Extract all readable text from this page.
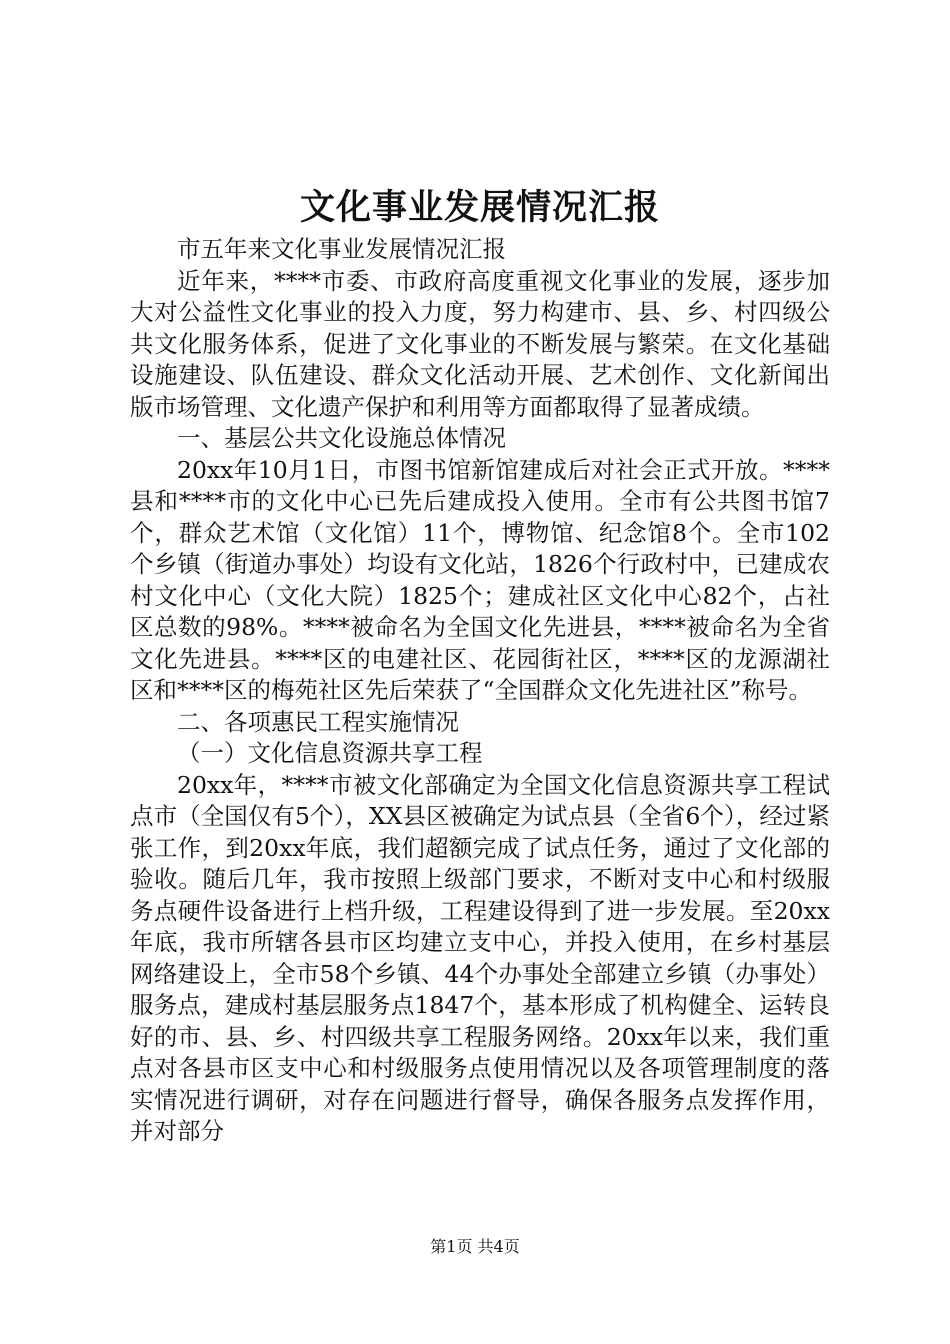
文化事业发展情况汇报

市五年来文化事业发展情况汇报

近年来，****市委、市政府高度重视文化事业的发展，逐步加大对公益性文化事业的投入力度，努力构建市、县、乡、村四级公共文化服务体系，促进了文化事业的不断发展与繁荣。在文化基础设施建设、队伍建设、群众文化活动开展、艺术创作、文化新闻出版市场管理、文化遗产保护和利用等方面都取得了显著成绩。

一、基层公共文化设施总体情况

20xx年10月1日，市图书馆新馆建成后对社会正式开放。****县和****市的文化中心已先后建成投入使用。全市有公共图书馆7个，群众艺术馆（文化馆）11个，博物馆、纪念馆8个。全市102个乡镇（街道办事处）均设有文化站，1826个行政村中，已建成农村文化中心（文化大院）1825个；建成社区文化中心82个，占社区总数的98%。****被命名为全国文化先进县，****被命名为全省文化先进县。****区的电建社区、花园街社区，****区的龙源湖社区和****区的梅苑社区先后荣获了“全国群众文化先进社区”称号。

二、各项惠民工程实施情况

（一）文化信息资源共享工程

20xx年，****市被文化部确定为全国文化信息资源共享工程试点市（全国仅有5个），XX县区被确定为试点县（全省6个），经过紧张工作，到20xx年底，我们超额完成了试点任务，通过了文化部的验收。随后几年，我市按照上级部门要求，不断对支中心和村级服务点硬件设备进行上档升级，工程建设得到了进一步发展。至20xx年底，我市所辖各县市区均建立支中心，并投入使用，在乡村基层网络建设上，全市58个乡镇、44个办事处全部建立乡镇（办事处）服务点，建成村基层服务点1847个，基本形成了机构健全、运转良好的市、县、乡、村四级共享工程服务网络。20xx年以来，我们重点对各县市区支中心和村级服务点使用情况以及各项管理制度的落实情况进行调研，对存在问题进行督导，确保各服务点发挥作用，并对部分

第1页 共4页
